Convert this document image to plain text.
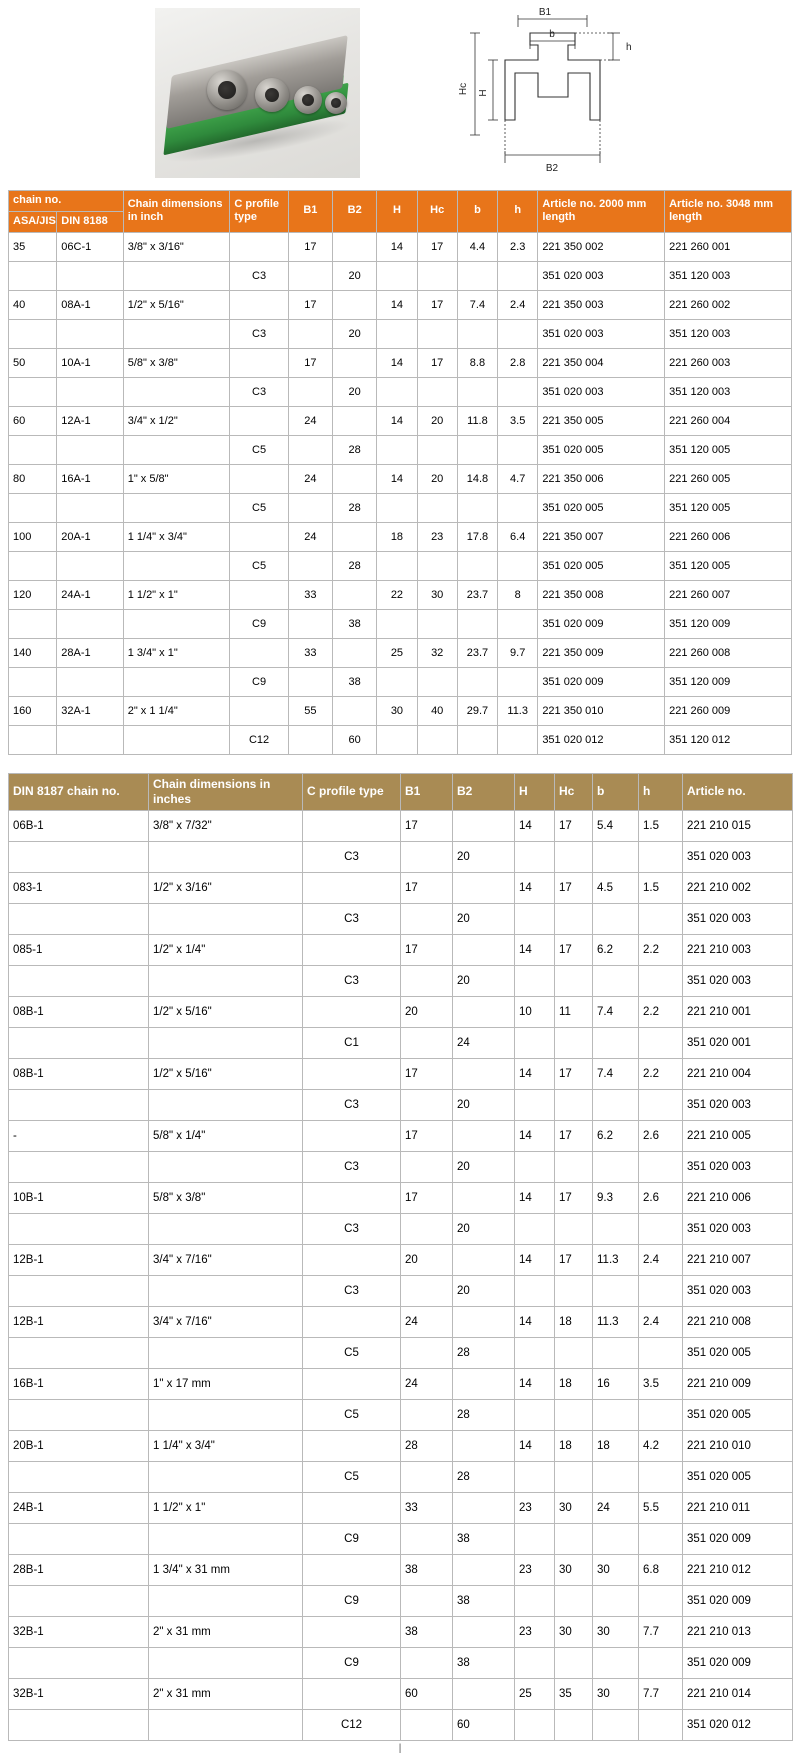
B1
b
h
Hc H
B2
chain no.		Chain dimensions in inch	C profile type	B1	B2	H	Hc	b	h	Article no. 2000 mm length	Article no. 3048 mm length
ASA/JIS	DIN 8188										
35	06C-1	3/8" x 3/16"		17		14	17	4.4	2.3	221 350 002	221 260 001
			C3		20					351 020 003	351 120 003
40	08A-1	1/2" x 5/16"		17		14	17	7.4	2.4	221 350 003	221 260 002
			C3		20					351 020 003	351 120 003
50	10A-1	5/8" x 3/8"		17		14	17	8.8	2.8	221 350 004	221 260 003
			C3		20					351 020 003	351 120 003
60	12A-1	3/4" x 1/2"		24		14	20	11.8	3.5	221 350 005	221 260 004
			C5		28					351 020 005	351 120 005
80	16A-1	1" x 5/8"		24		14	20	14.8	4.7	221 350 006	221 260 005
			C5		28					351 020 005	351 120 005
100	20A-1	1 1/4" x 3/4"		24		18	23	17.8	6.4	221 350 007	221 260 006
			C5		28					351 020 005	351 120 005
120	24A-1	1 1/2" x 1"		33		22	30	23.7	8	221 350 008	221 260 007
			C9		38					351 020 009	351 120 009
140	28A-1	1 3/4" x 1"		33		25	32	23.7	9.7	221 350 009	221 260 008
			C9		38					351 020 009	351 120 009
160	32A-1	2" x 1 1/4"		55		30	40	29.7	11.3	221 350 010	221 260 009
			C12		60					351 020 012	351 120 012
DIN 8187 chain no.	Chain dimensions in inches	C profile type	B1	B2	H	Hc	b	h	Article no.
06B-1	3/8" x 7/32"		17		14	17	5.4	1.5	221 210 015
		C3		20					351 020 003
083-1	1/2" x 3/16"		17		14	17	4.5	1.5	221 210 002
		C3		20					351 020 003
085-1	1/2" x 1/4"		17		14	17	6.2	2.2	221 210 003
		C3		20					351 020 003
08B-1	1/2" x 5/16"		20		10	11	7.4	2.2	221 210 001
		C1		24					351 020 001
08B-1	1/2" x 5/16"		17		14	17	7.4	2.2	221 210 004
		C3		20					351 020 003
-	5/8" x 1/4"		17		14	17	6.2	2.6	221 210 005
		C3		20					351 020 003
10B-1	5/8" x 3/8"		17		14	17	9.3	2.6	221 210 006
		C3		20					351 020 003
12B-1	3/4" x 7/16"		20		14	17	11.3	2.4	221 210 007
		C3		20					351 020 003
12B-1	3/4" x 7/16"		24		14	18	11.3	2.4	221 210 008
		C5		28					351 020 005
16B-1	1" x 17 mm		24		14	18	16	3.5	221 210 009
		C5		28					351 020 005
20B-1	1 1/4" x 3/4"		28		14	18	18	4.2	221 210 010
		C5		28					351 020 005
24B-1	1 1/2" x 1"		33		23	30	24	5.5	221 210 011
		C9		38					351 020 009
28B-1	1 3/4" x 31 mm		38		23	30	30	6.8	221 210 012
		C9		38					351 020 009
32B-1	2" x 31 mm		38		23	30	30	7.7	221 210 013
		C9		38					351 020 009
32B-1	2" x 31 mm		60		25	35	30	7.7	221 210 014
		C12		60					351 020 012
|
